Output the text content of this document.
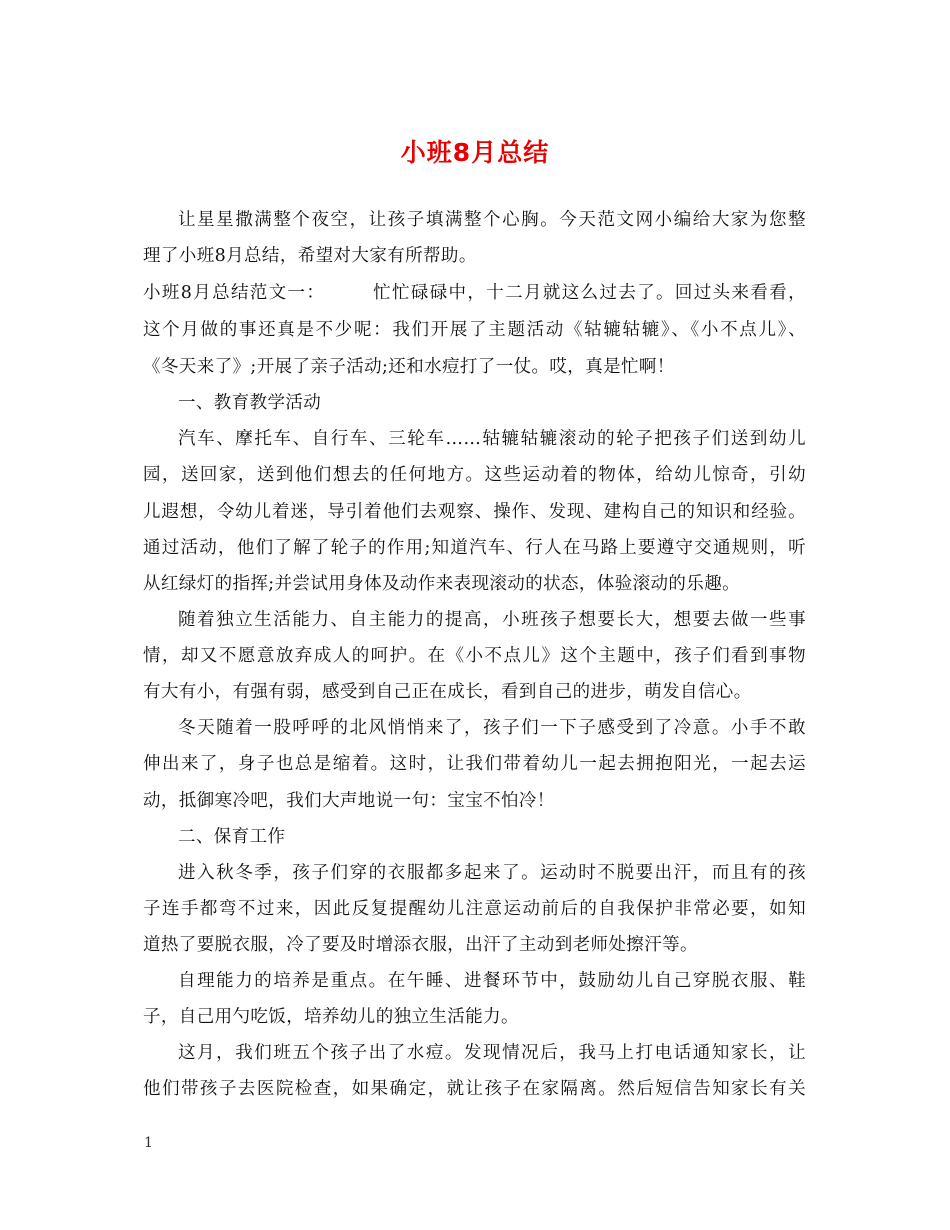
小班8月总结
让星星撒满整个夜空，让孩子填满整个心胸。今天范文网小编给大家为您整
理了小班8月总结，希望对大家有所帮助。
小班8月总结范文一：　　　忙忙碌碌中，十二月就这么过去了。回过头来看看，
这个月做的事还真是不少呢：我们开展了主题活动《轱辘轱辘》、《小不点儿》、
《冬天来了》;开展了亲子活动;还和水痘打了一仗。哎，真是忙啊！
一、教育教学活动
汽车、摩托车、自行车、三轮车……轱辘轱辘滚动的轮子把孩子们送到幼儿
园，送回家，送到他们想去的任何地方。这些运动着的物体，给幼儿惊奇，引幼
儿遐想，令幼儿着迷，导引着他们去观察、操作、发现、建构自己的知识和经验。
通过活动，他们了解了轮子的作用;知道汽车、行人在马路上要遵守交通规则，听
从红绿灯的指挥;并尝试用身体及动作来表现滚动的状态，体验滚动的乐趣。
随着独立生活能力、自主能力的提高，小班孩子想要长大，想要去做一些事
情，却又不愿意放弃成人的呵护。在《小不点儿》这个主题中，孩子们看到事物
有大有小，有强有弱，感受到自己正在成长，看到自己的进步，萌发自信心。
冬天随着一股呼呼的北风悄悄来了，孩子们一下子感受到了冷意。小手不敢
伸出来了，身子也总是缩着。这时，让我们带着幼儿一起去拥抱阳光，一起去运
动，抵御寒冷吧，我们大声地说一句：宝宝不怕冷！
二、保育工作
进入秋冬季，孩子们穿的衣服都多起来了。运动时不脱要出汗，而且有的孩
子连手都弯不过来，因此反复提醒幼儿注意运动前后的自我保护非常必要，如知
道热了要脱衣服，冷了要及时增添衣服，出汗了主动到老师处擦汗等。
自理能力的培养是重点。在午睡、进餐环节中，鼓励幼儿自己穿脱衣服、鞋
子，自己用勺吃饭，培养幼儿的独立生活能力。
这月，我们班五个孩子出了水痘。发现情况后，我马上打电话通知家长，让
他们带孩子去医院检查，如果确定，就让孩子在家隔离。然后短信告知家长有关
1
